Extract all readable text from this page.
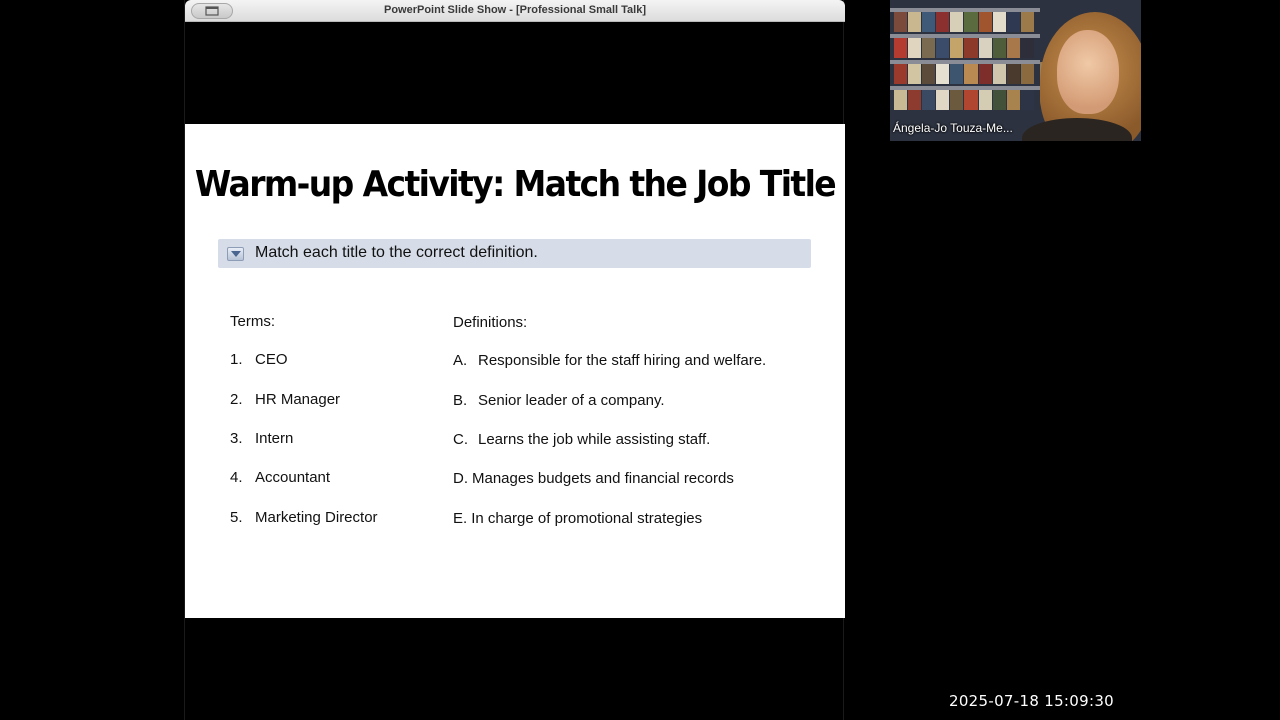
PowerPoint Slide Show - [Professional Small Talk]
Warm-up Activity: Match the Job Title
Match each title to the correct definition.
Terms:	Definitions:
1. CEO
2. HR Manager
3. Intern
4. Accountant
5. Marketing Director
A. Responsible for the staff hiring and welfare.
B. Senior leader of a company.
C. Learns the job while assisting staff.
D. Manages budgets and financial records
E. In charge of promotional strategies
Ángela-Jo Touza-Me...
2025-07-18 15:09:30
